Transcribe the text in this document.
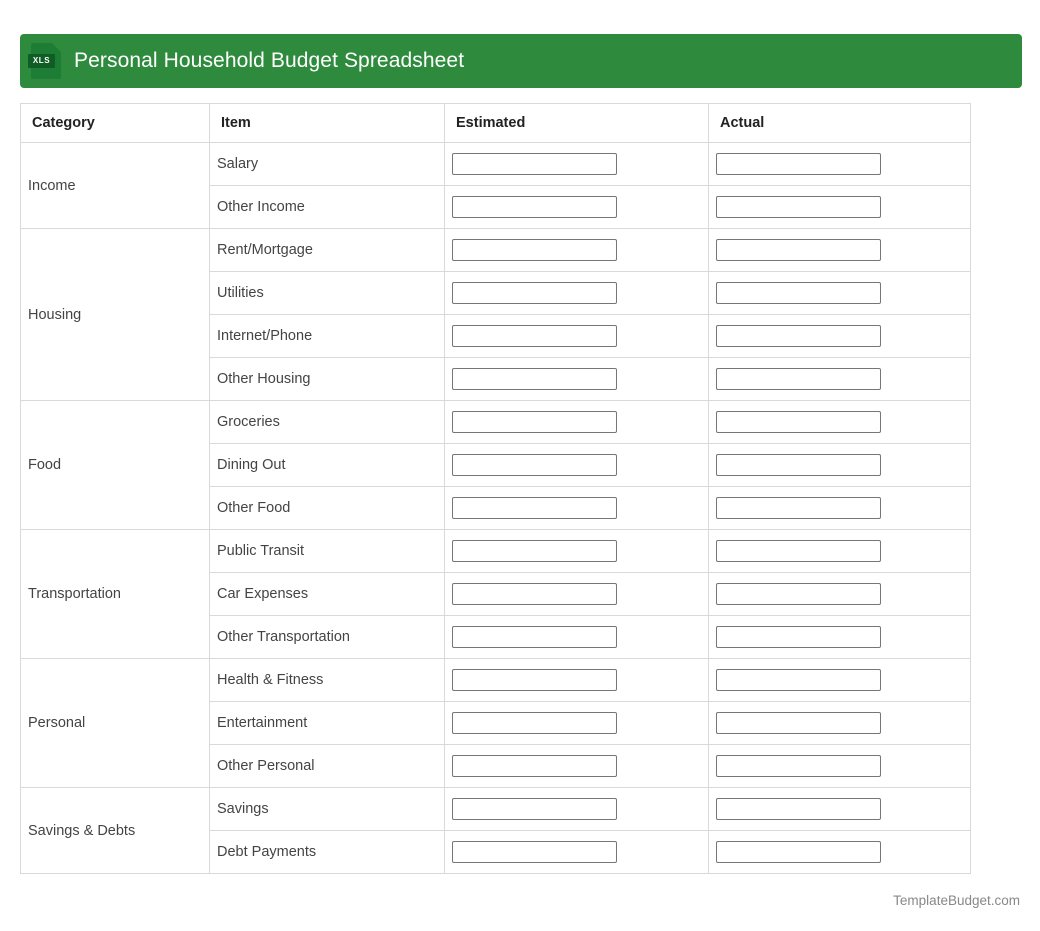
XLS Personal Household Budget Spreadsheet
Category	Item	Estimated	Actual
Income	Salary	

	Other Income	

Housing	Rent/Mortgage	

	Utilities	

	Internet/Phone	

	Other Housing	

Food	Groceries	

	Dining Out	

	Other Food	

Transportation	Public Transit	

	Car Expenses	

	Other Transportation	

Personal	Health & Fitness	

	Entertainment	

	Other Personal	

Savings & Debts	Savings	

	Debt Payments	

TemplateBudget.com
